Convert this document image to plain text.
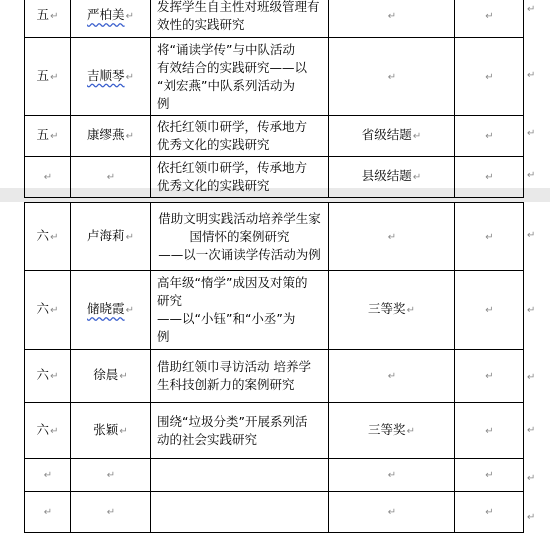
五↵	严柏美↵	发挥学生自主性对班级管理有
效性的实践研究	↵	↵
五↵	吉顺琴↵	将“诵读学传”与中队活动
有效结合的实践研究——以
“刘宏燕”中队系列活动为
例	↵	↵
五↵	康缪燕↵	依托红领巾研学，传承地方
优秀文化的实践研究	省级结题↵	↵
↵	↵	依托红领巾研学，传承地方
优秀文化的实践研究	县级结题↵	↵
六↵	卢海莉↵	借助文明实践活动培养学生家
国情怀的案例研究
——以一次诵读学传活动为例	↵	↵
六↵	储晓霞↵	高年级“惰学”成因及对策的
研究
——以“小钰”和“小丞”为
例	三等奖↵	↵
六↵	徐晨↵	借助红领巾寻访活动 培养学
生科技创新力的案例研究	↵	↵
六↵	张颖↵	围绕“垃圾分类”开展系列活
动的社会实践研究	三等奖↵	↵
↵	↵		↵	↵
↵	↵		↵	↵
↵
↵
↵
↵
↵
↵
↵
↵
↵
↵
